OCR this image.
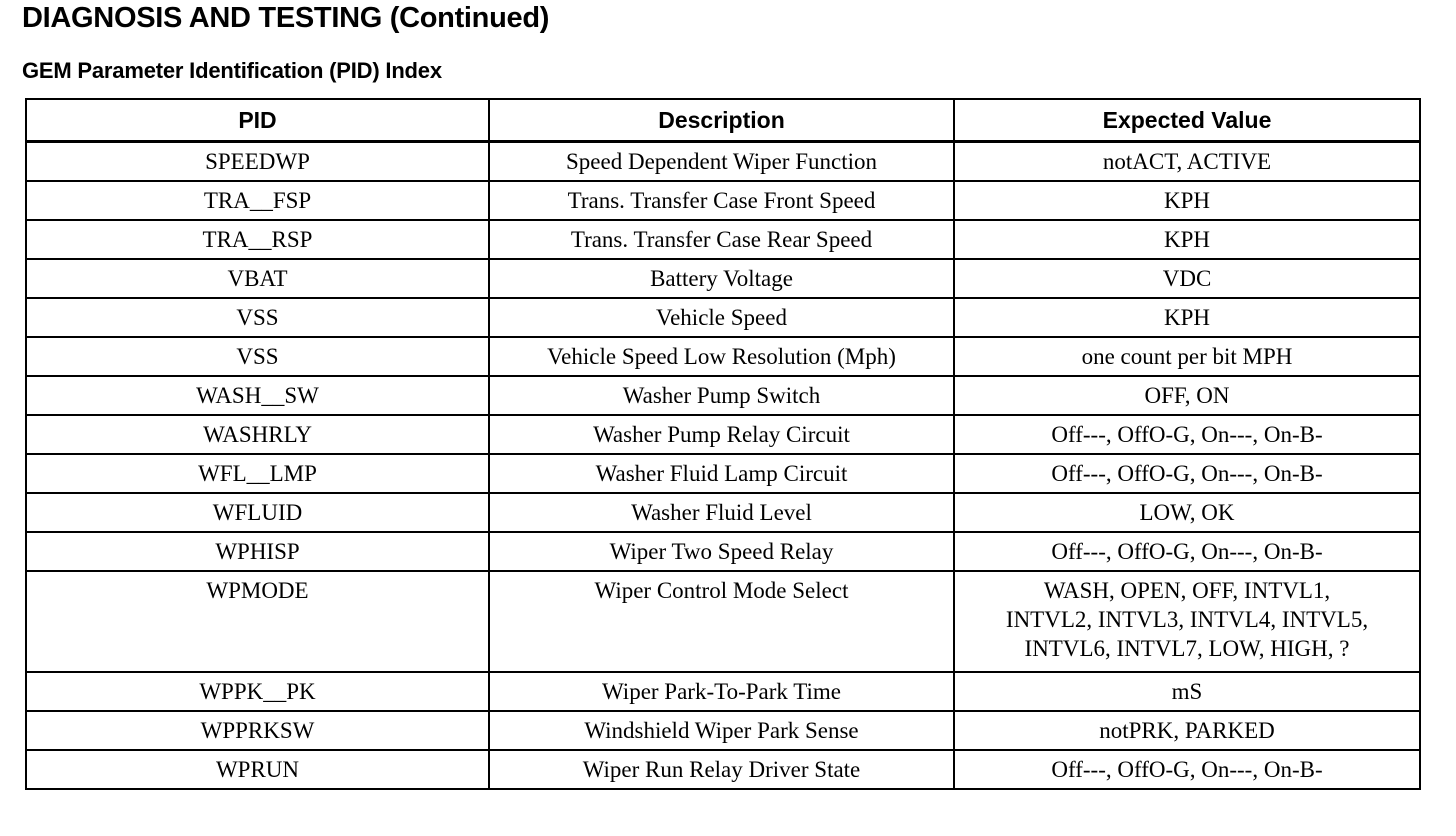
DIAGNOSIS AND TESTING (Continued)
GEM Parameter Identification (PID) Index
PID	Description	Expected Value
SPEEDWP	Speed Dependent Wiper Function	notACT, ACTIVE
TRA__FSP	Trans. Transfer Case Front Speed	KPH
TRA__RSP	Trans. Transfer Case Rear Speed	KPH
VBAT	Battery Voltage	VDC
VSS	Vehicle Speed	KPH
VSS	Vehicle Speed Low Resolution (Mph)	one count per bit MPH
WASH__SW	Washer Pump Switch	OFF, ON
WASHRLY	Washer Pump Relay Circuit	Off---, OffO-G, On---, On-B-
WFL__LMP	Washer Fluid Lamp Circuit	Off---, OffO-G, On---, On-B-
WFLUID	Washer Fluid Level	LOW, OK
WPHISP	Wiper Two Speed Relay	Off---, OffO-G, On---, On-B-
WPMODE	Wiper Control Mode Select	WASH, OPEN, OFF, INTVL1,
INTVL2, INTVL3, INTVL4, INTVL5,
INTVL6, INTVL7, LOW, HIGH, ?

WPPK__PK	Wiper Park-To-Park Time	mS
WPPRKSW	Windshield Wiper Park Sense	notPRK, PARKED
WPRUN	Wiper Run Relay Driver State	Off---, OffO-G, On---, On-B-
